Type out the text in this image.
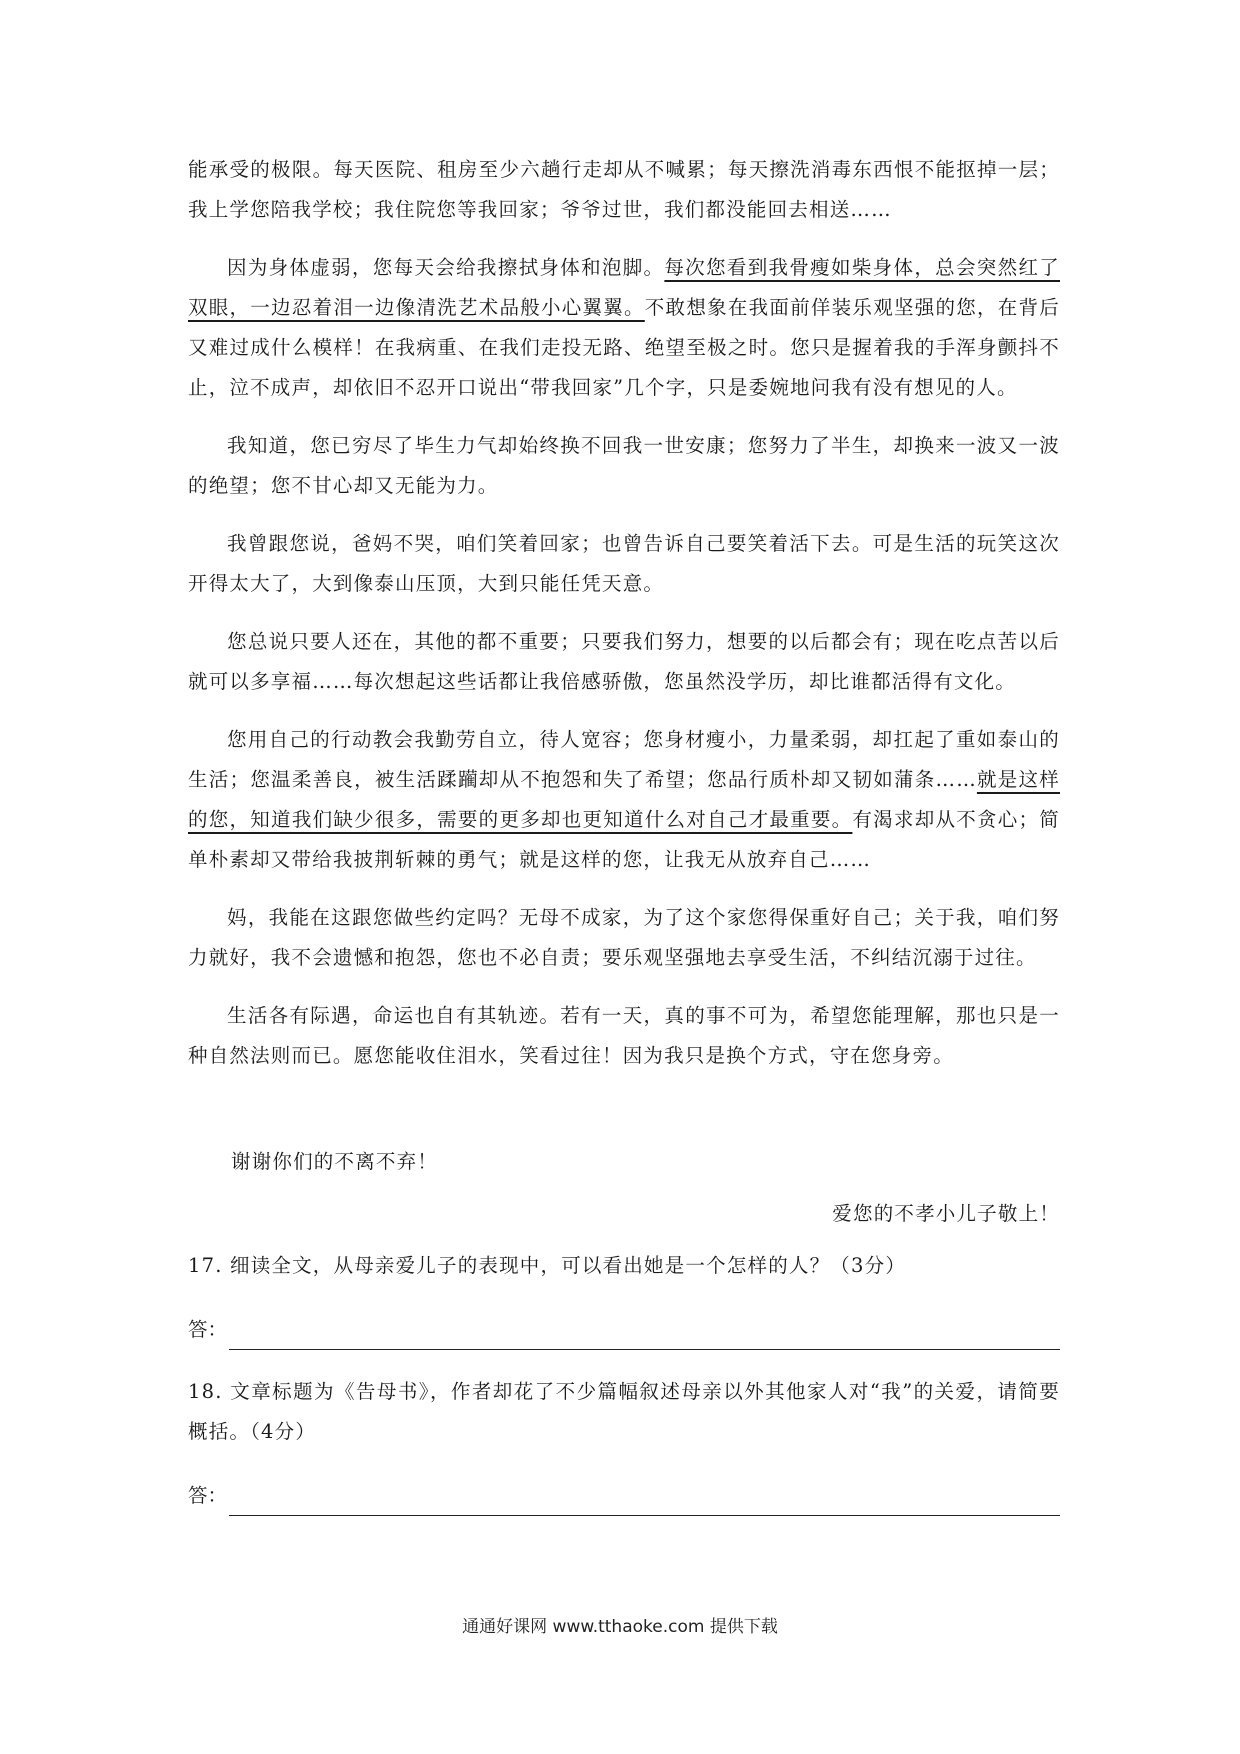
能承受的极限。每天医院、租房至少六趟行走却从不喊累；每天擦洗消毒东西恨不能抠掉一层；我上学您陪我学校；我住院您等我回家；爷爷过世，我们都没能回去相送……

因为身体虚弱，您每天会给我擦拭身体和泡脚。每次您看到我骨瘦如柴身体，总会突然红了双眼，一边忍着泪一边像清洗艺术品般小心翼翼。不敢想象在我面前佯装乐观坚强的您，在背后又难过成什么模样！在我病重、在我们走投无路、绝望至极之时。您只是握着我的手浑身颤抖不止，泣不成声，却依旧不忍开口说出“带我回家”几个字，只是委婉地问我有没有想见的人。

我知道，您已穷尽了毕生力气却始终换不回我一世安康；您努力了半生，却换来一波又一波的绝望；您不甘心却又无能为力。

我曾跟您说，爸妈不哭，咱们笑着回家；也曾告诉自己要笑着活下去。可是生活的玩笑这次开得太大了，大到像泰山压顶，大到只能任凭天意。

您总说只要人还在，其他的都不重要；只要我们努力，想要的以后都会有；现在吃点苦以后就可以多享福……每次想起这些话都让我倍感骄傲，您虽然没学历，却比谁都活得有文化。

您用自己的行动教会我勤劳自立，待人宽容；您身材瘦小，力量柔弱，却扛起了重如泰山的生活；您温柔善良，被生活蹂躏却从不抱怨和失了希望；您品行质朴却又韧如蒲条……就是这样的您，知道我们缺少很多，需要的更多却也更知道什么对自己才最重要。有渴求却从不贪心；简单朴素却又带给我披荆斩棘的勇气；就是这样的您，让我无从放弃自己……

妈，我能在这跟您做些约定吗？无母不成家，为了这个家您得保重好自己；关于我，咱们努力就好，我不会遗憾和抱怨，您也不必自责；要乐观坚强地去享受生活，不纠结沉溺于过往。

生活各有际遇，命运也自有其轨迹。若有一天，真的事不可为，希望您能理解，那也只是一种自然法则而已。愿您能收住泪水，笑看过往！因为我只是换个方式，守在您身旁。

谢谢你们的不离不弃！

爱您的不孝小儿子敬上！

17. 细读全文，从母亲爱儿子的表现中，可以看出她是一个怎样的人？（3分）

答：

18. 文章标题为《告母书》，作者却花了不少篇幅叙述母亲以外其他家人对“我”的关爱，请简要概括。（4分）

答：
通通好课网 www.tthaoke.com 提供下载
